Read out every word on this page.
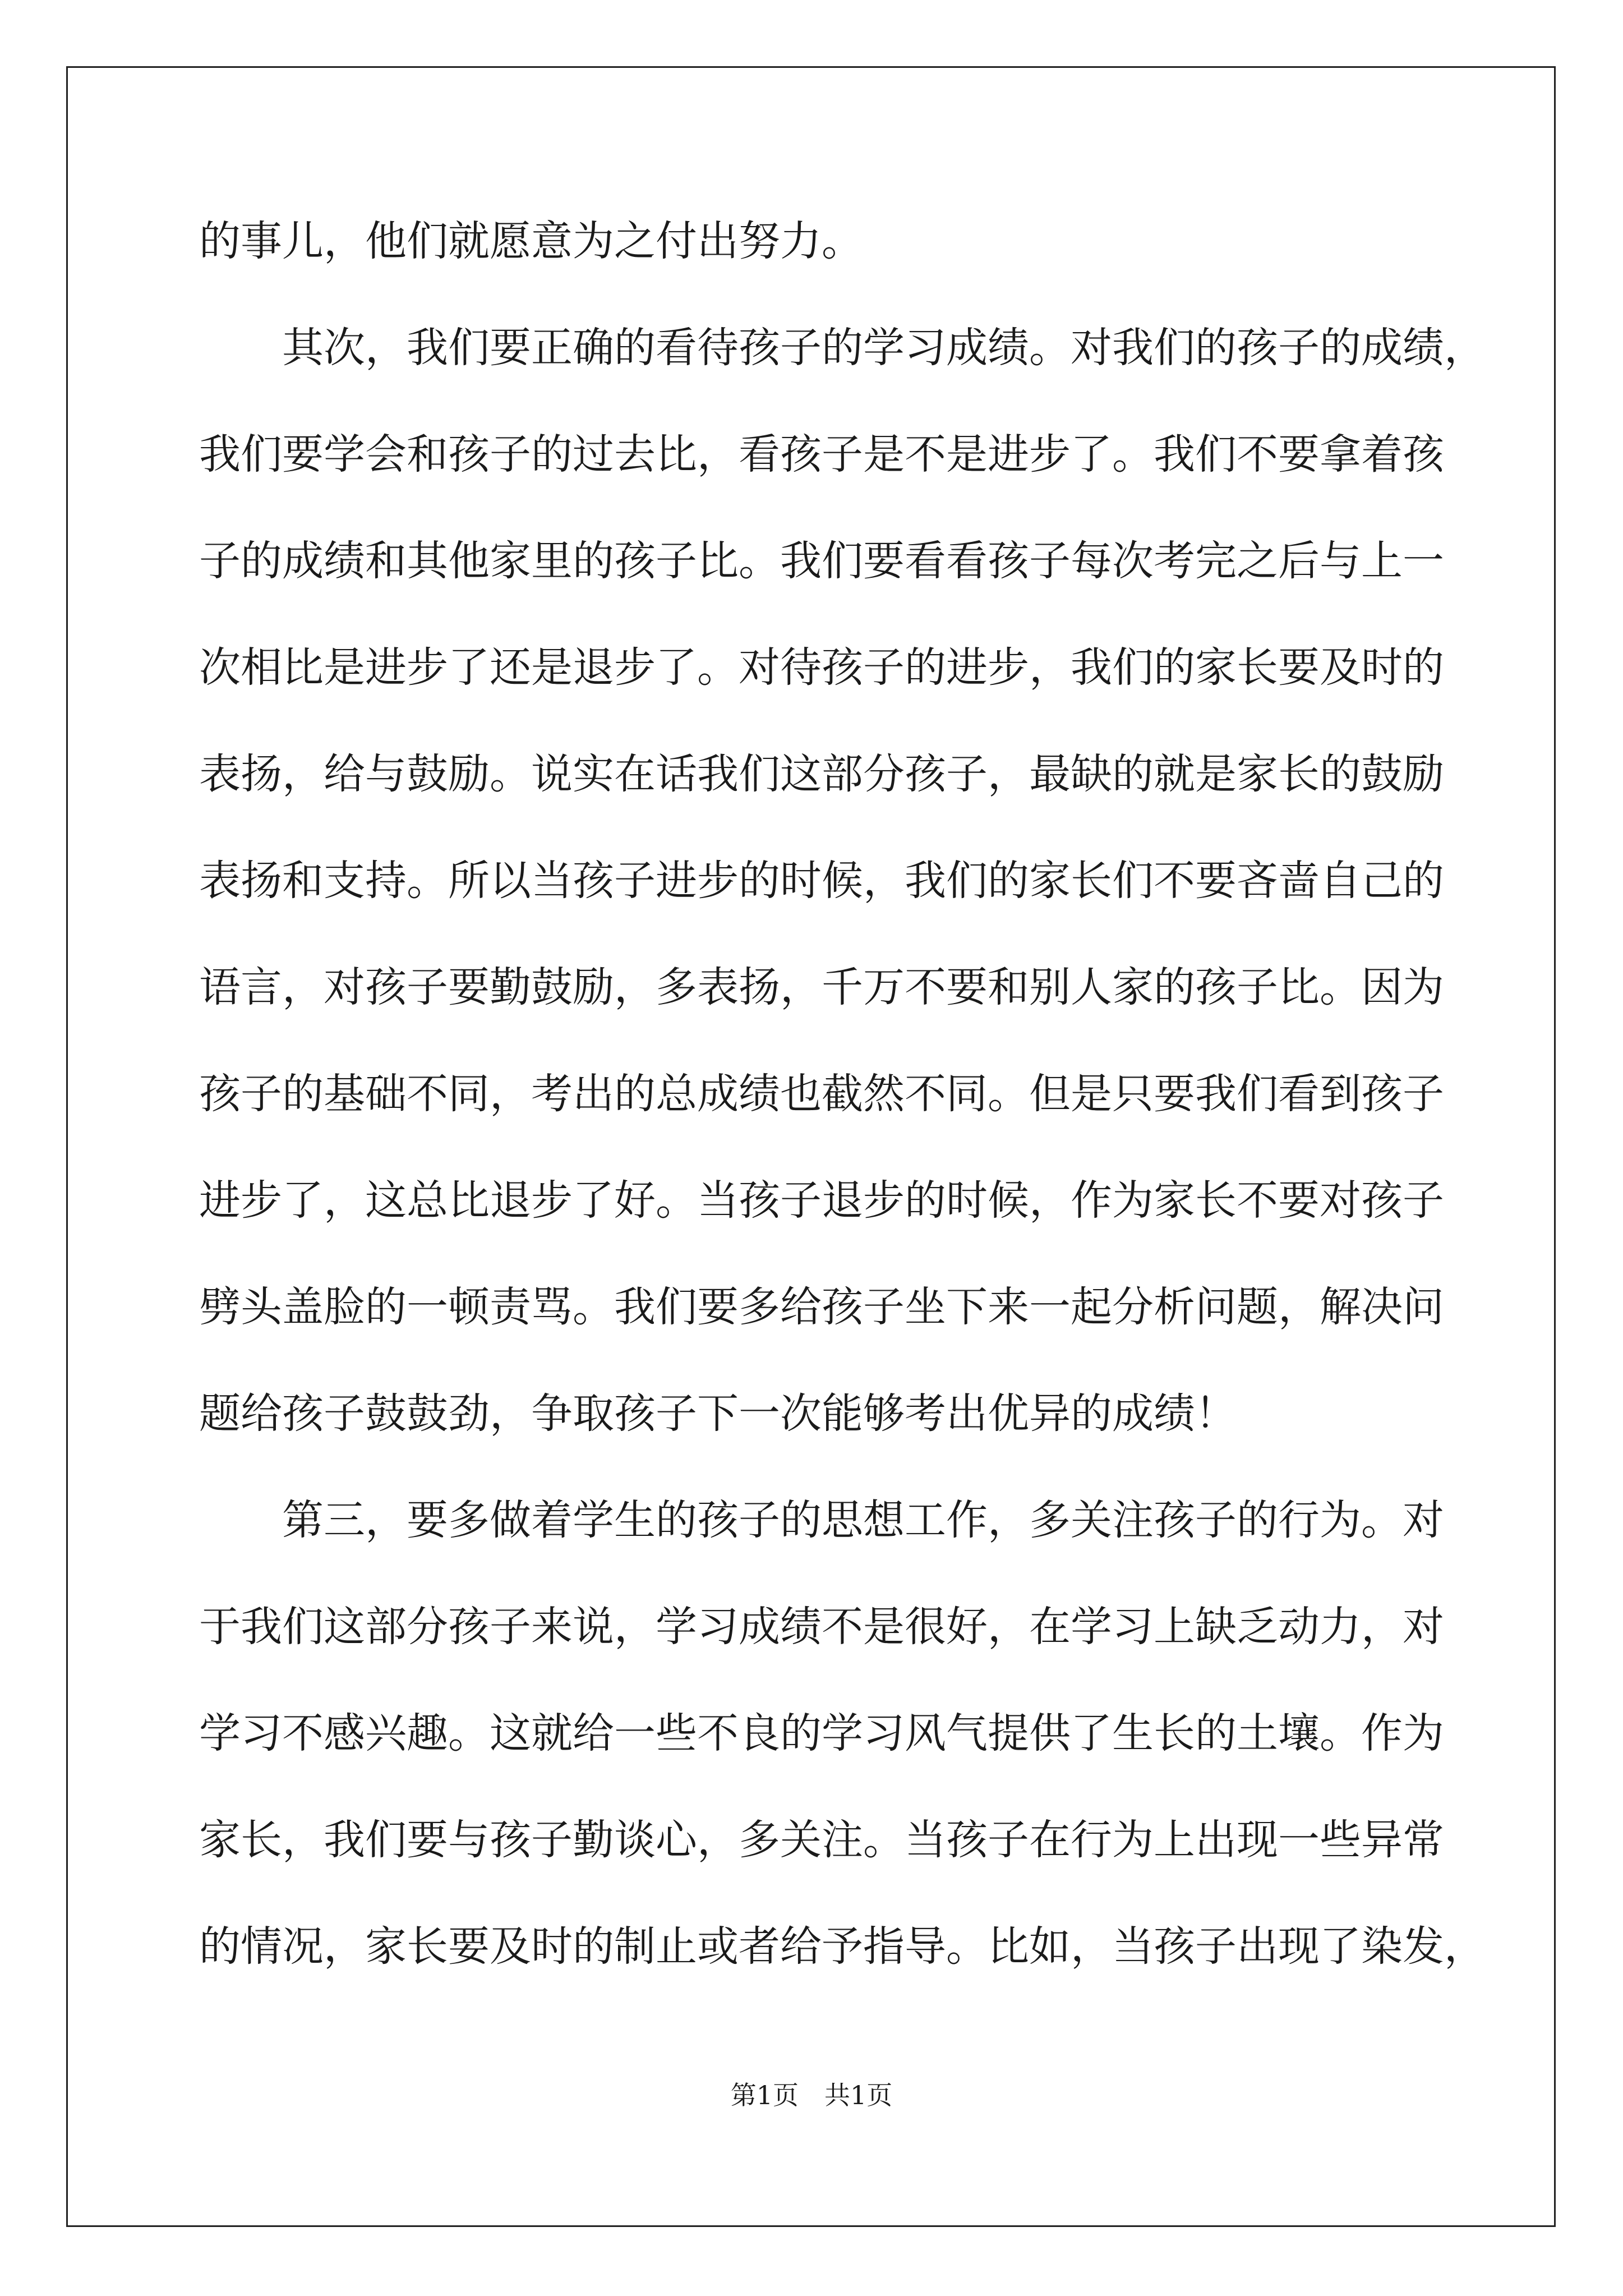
的事儿，他们就愿意为之付出努力。
　　其次，我们要正确的看待孩子的学习成绩。对我们的孩子的成绩，
我们要学会和孩子的过去比，看孩子是不是进步了。我们不要拿着孩
子的成绩和其他家里的孩子比。我们要看看孩子每次考完之后与上一
次相比是进步了还是退步了。对待孩子的进步，我们的家长要及时的
表扬，给与鼓励。说实在话我们这部分孩子，最缺的就是家长的鼓励
表扬和支持。所以当孩子进步的时候，我们的家长们不要吝啬自己的
语言，对孩子要勤鼓励，多表扬，千万不要和别人家的孩子比。因为
孩子的基础不同，考出的总成绩也截然不同。但是只要我们看到孩子
进步了，这总比退步了好。当孩子退步的时候，作为家长不要对孩子
劈头盖脸的一顿责骂。我们要多给孩子坐下来一起分析问题，解决问
题给孩子鼓鼓劲，争取孩子下一次能够考出优异的成绩！
　　第三，要多做着学生的孩子的思想工作，多关注孩子的行为。对
于我们这部分孩子来说，学习成绩不是很好，在学习上缺乏动力，对
学习不感兴趣。这就给一些不良的学习风气提供了生长的土壤。作为
家长，我们要与孩子勤谈心，多关注。当孩子在行为上出现一些异常
的情况，家长要及时的制止或者给予指导。比如，当孩子出现了染发，
第1页　共1页
